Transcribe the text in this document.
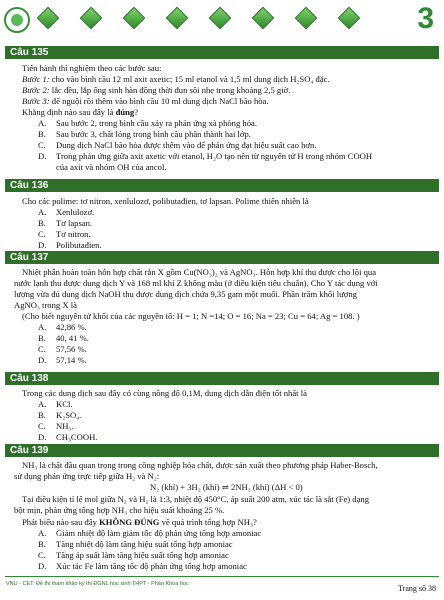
3
Câu 135
Tiến hành thí nghiệm theo các bước sau:
Bước 1: cho vào bình cầu 12 ml axit axetic; 15 ml etanol và 1,5 ml dung dịch H₂SO₄ đặc.
Bước 2: lắc đều, lắp ống sinh hàn đồng thời đun sôi nhẹ trong khoảng 2,5 giờ.
Bước 3: để nguội rồi thêm vào bình cầu 10 ml dung dịch NaCl bão hòa.
Khẳng định nào sau đây là đúng?
A. Sau bước 2, trong bình cầu xảy ra phản ứng xà phòng hóa.
B. Sau bước 3, chất lỏng trong bình cầu phân thành hai lớp.
C. Dung dịch NaCl bão hòa được thêm vào để phản ứng đạt hiệu suất cao hơn.
D. Trong phản ứng giữa axit axetic với etanol, H₂O tạo nên từ nguyên tử H trong nhóm COOH
của axit và nhóm OH của ancol.
Câu 136
Cho các polime: tơ nitron, xenlulozơ, polibutađien, tơ lapsan. Polime thiên nhiên là
A. Xenlulozơ.
B. Tơ lapsan.
C. Tơ nitron.
D. Polibutađien.
Câu 137
Nhiệt phân hoàn toàn hỗn hợp chất rắn X gồm Cu(NO₃)₂ và AgNO₃. Hỗn hợp khí thu được cho lội qua
nước lạnh thu được dung dịch Y và 168 ml khí Z không màu (ở điều kiện tiêu chuẩn). Cho Y tác dụng với
lượng vừa đủ dung dịch NaOH thu được dung dịch chứa 9,35 gam một muối. Phần trăm khối lượng
AgNO₃ trong X là
(Cho biết nguyên tử khối của các nguyên tố: H = 1; N =14; O = 16; Na = 23; Cu = 64; Ag = 108. )
A. 42,86 %.
B. 40, 41 %.
C. 57,56 %.
D. 57,14 %.
Câu 138
Trong các dung dịch sau đây có cùng nồng độ 0,1M, dung dịch dẫn điện tốt nhất là
A. KCl.
B. K₂SO₄.
C. NH₃.
D. CH₃COOH.
Câu 139
NH₃ là chất đầu quan trọng trong công nghiệp hóa chất, được sản xuất theo phương pháp Haber-Bosch,
sử dụng phản ứng trực tiếp giữa H₂ và N₂:
N₂ (khí) + 3H₂ (khí) ⇌ 2NH₃ (khí) (ΔH < 0)
Tại điều kiện tỉ lệ mol giữa N₂ và H₂ là 1:3, nhiệt độ 450°C, áp suất 200 atm, xúc tác là sắt (Fe) dạng
bột mịn, phản ứng tổng hợp NH₃ cho hiệu suất khoảng 25 %.
Phát biểu nào sau đây KHÔNG ĐÚNG về quá trình tổng hợp NH₃?
A. Giảm nhiệt độ làm giảm tốc độ phản ứng tổng hợp amoniac
B. Tăng nhiệt độ làm tăng hiệu suất tổng hợp amoniac
C. Tăng áp suất làm tăng hiệu suất tổng hợp amoniac
D. Xúc tác Fe làm tăng tốc độ phản ứng tổng hợp amoniac
VNU - CET: Đề thi tham khảo kỳ thi ĐGNL học sinh THPT - Phần Khoa học	Trang số 38
